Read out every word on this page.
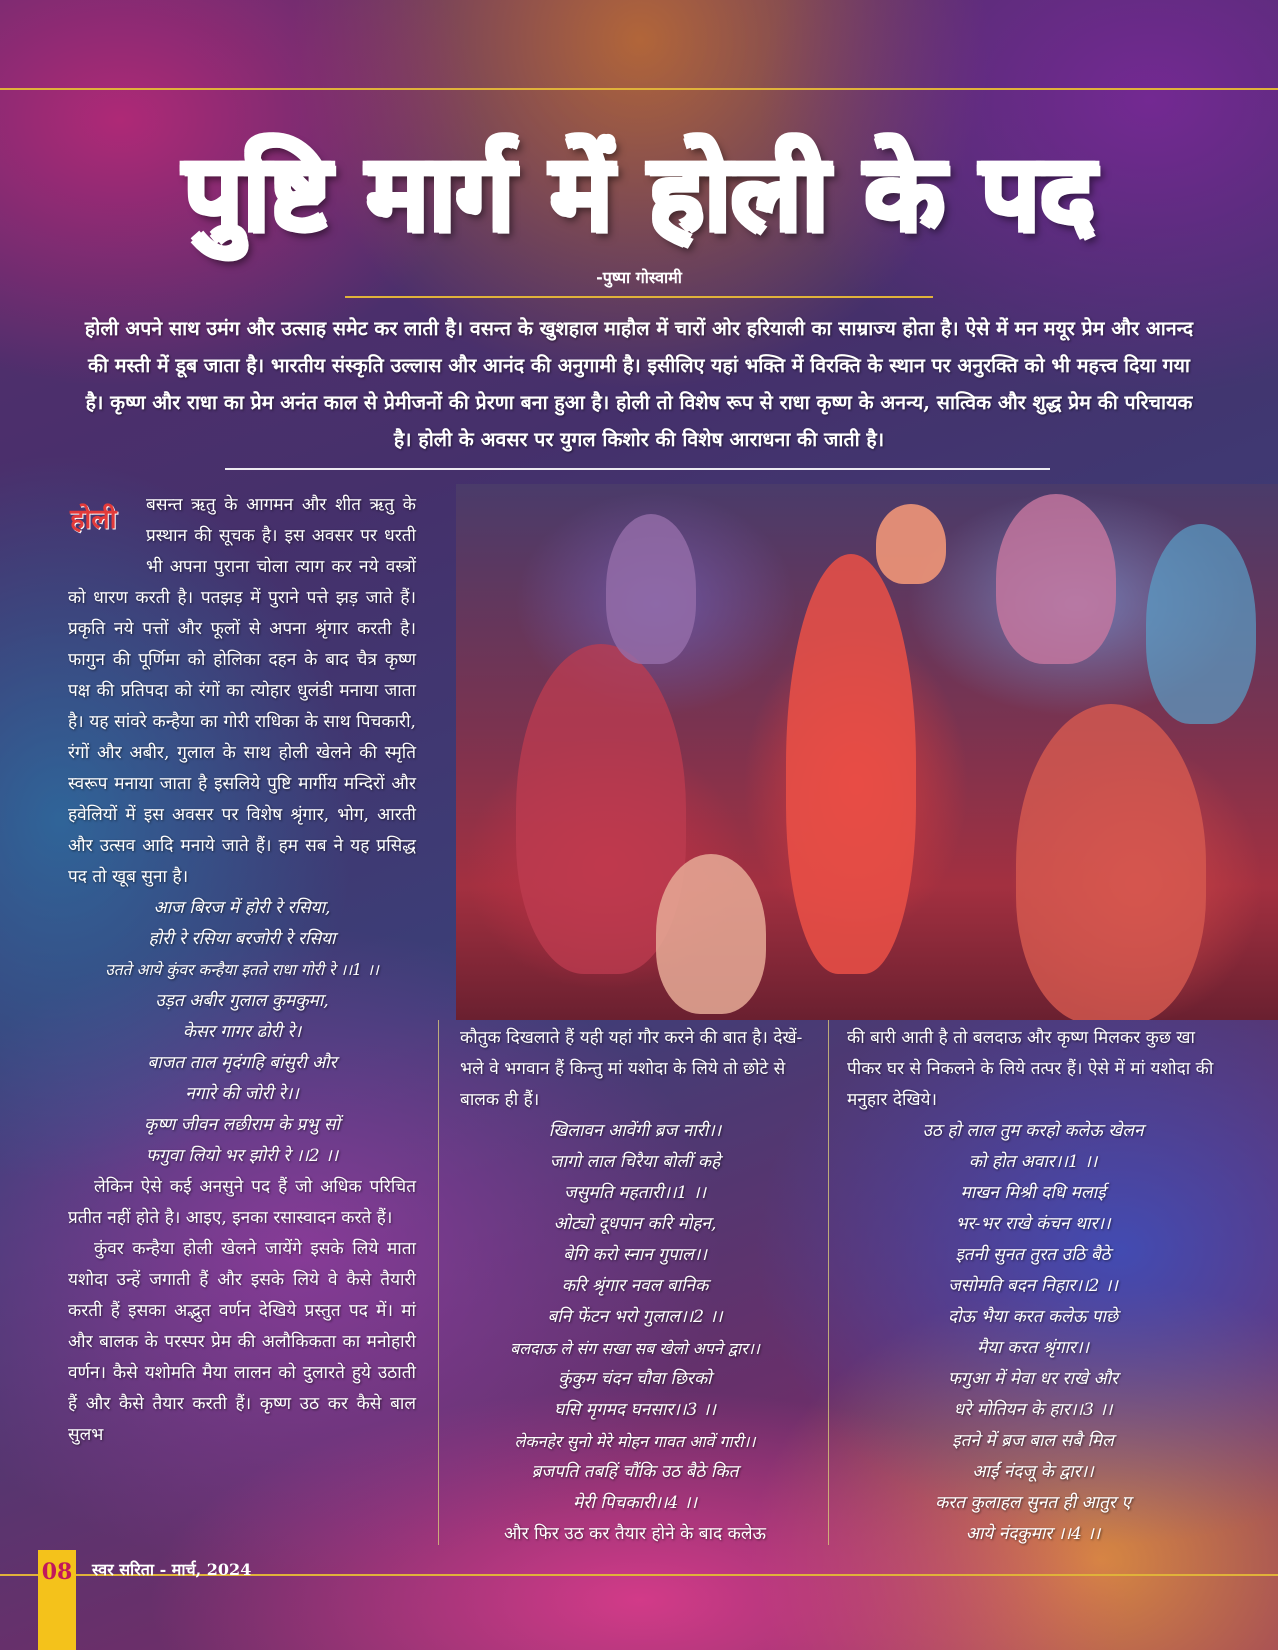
पुष्टि मार्ग में होली के पद
-पुष्पा गोस्वामी
होली अपने साथ उमंग और उत्साह समेट कर लाती है। वसन्त के खुशहाल माहौल में चारों ओर हरियाली का साम्राज्य होता है। ऐसे में मन मयूर प्रेम और आनन्द की मस्ती में डूब जाता है। भारतीय संस्कृति उल्लास और आनंद की अनुगामी है। इसीलिए यहां भक्ति में विरक्ति के स्थान पर अनुरक्ति को भी महत्त्व दिया गया है। कृष्ण और राधा का प्रेम अनंत काल से प्रेमीजनों की प्रेरणा बना हुआ है। होली तो विशेष रूप से राधा कृष्ण के अनन्य, सात्विक और शुद्ध प्रेम की परिचायक है। होली के अवसर पर युगल किशोर की विशेष आराधना की जाती है।

होली बसन्त ऋतु के आगमन और शीत ऋतु के प्रस्थान की सूचक है। इस अवसर पर धरती भी अपना पुराना चोला त्याग कर नये वस्त्रों को धारण करती है। पतझड़ में पुराने पत्ते झड़ जाते हैं। प्रकृति नये पत्तों और फूलों से अपना श्रृंगार करती है। फागुन की पूर्णिमा को होलिका दहन के बाद चैत्र कृष्ण पक्ष की प्रतिपदा को रंगों का त्योहार धुलंडी मनाया जाता है। यह सांवरे कन्हैया का गोरी राधिका के साथ पिचकारी, रंगों और अबीर, गुलाल के साथ होली खेलने की स्मृति स्वरूप मनाया जाता है इसलिये पुष्टि मार्गीय मन्दिरों और हवेलियों में इस अवसर पर विशेष श्रृंगार, भोग, आरती और उत्सव आदि मनाये जाते हैं। हम सब ने यह प्रसिद्ध पद तो खूब सुना है।

आज बिरज में होरी रे रसिया,
होरी रे रसिया बरजोरी रे रसिया
उतते आये कुंवर कन्हैया इतते राधा गोरी रे ।।1 ।।
उड़त अबीर गुलाल कुमकुमा,
केसर गागर ढोरी रे।
बाजत ताल मृदंगहि बांसुरी और
नगारे की जोरी रे।।
कृष्ण जीवन लछीराम के प्रभु सों
फगुवा लियो भर झोरी रे ।।2 ।।

लेकिन ऐसे कई अनसुने पद हैं जो अधिक परिचित प्रतीत नहीं होते है। आइए, इनका रसास्वादन करते हैं।

कुंवर कन्हैया होली खेलने जायेंगे इसके लिये माता यशोदा उन्हें जगाती हैं और इसके लिये वे कैसे तैयारी करती हैं इसका अद्भुत वर्णन देखिये प्रस्तुत पद में। मां और बालक के परस्पर प्रेम की अलौकिकता का मनोहारी वर्णन। कैसे यशोमति मैया लालन को दुलारते हुये उठाती हैं और कैसे तैयार करती हैं। कृष्ण उठ कर कैसे बाल सुलभ

कौतुक दिखलाते हैं यही यहां गौर करने की बात है। देखें-भले वे भगवान हैं किन्तु मां यशोदा के लिये तो छोटे से बालक ही हैं।

खिलावन आवेंगी ब्रज नारी।।
जागो लाल चिरैया बोलीं कहे
जसुमति महतारी।।1 ।।
ओट्यो दूधपान करि मोहन,
बेगि करो स्नान गुपाल।।
करि श्रृंगार नवल बानिक
बनि फेंटन भरो गुलाल।।2 ।।
बलदाऊ ले संग सखा सब खेलो अपने द्वार।।
कुंकुम चंदन चौवा छिरको
घसि मृगमद घनसार।।3 ।।
लेकनहेर सुनो मेरे मोहन गावत आवें गारी।।
ब्रजपति तबहिं चौंकि उठ बैठे कित
मेरी पिचकारी।।4 ।।

और फिर उठ कर तैयार होने के बाद कलेऊ

की बारी आती है तो बलदाऊ और कृष्ण मिलकर कुछ खा पीकर घर से निकलने के लिये तत्पर हैं। ऐसे में मां यशोदा की मनुहार देखिये।

उठ हो लाल तुम करहो कलेऊ खेलन
को होत अवार।।1 ।।
माखन मिश्री दधि मलाई
भर-भर राखे कंचन थार।।
इतनी सुनत तुरत उठि बैठे
जसोमति बदन निहार।।2 ।।
दोऊ भैया करत कलेऊ पाछे
मैया करत श्रृंगार।।
फगुआ में मेवा धर राखे और
धरे मोतियन के हार।।3 ।।
इतने में ब्रज बाल सबै मिल
आईं नंदजू के द्वार।।
करत कुलाहल सुनत ही आतुर ए
आये नंदकुमार ।।4 ।।
08	स्वर सरिता - मार्च, 2024
